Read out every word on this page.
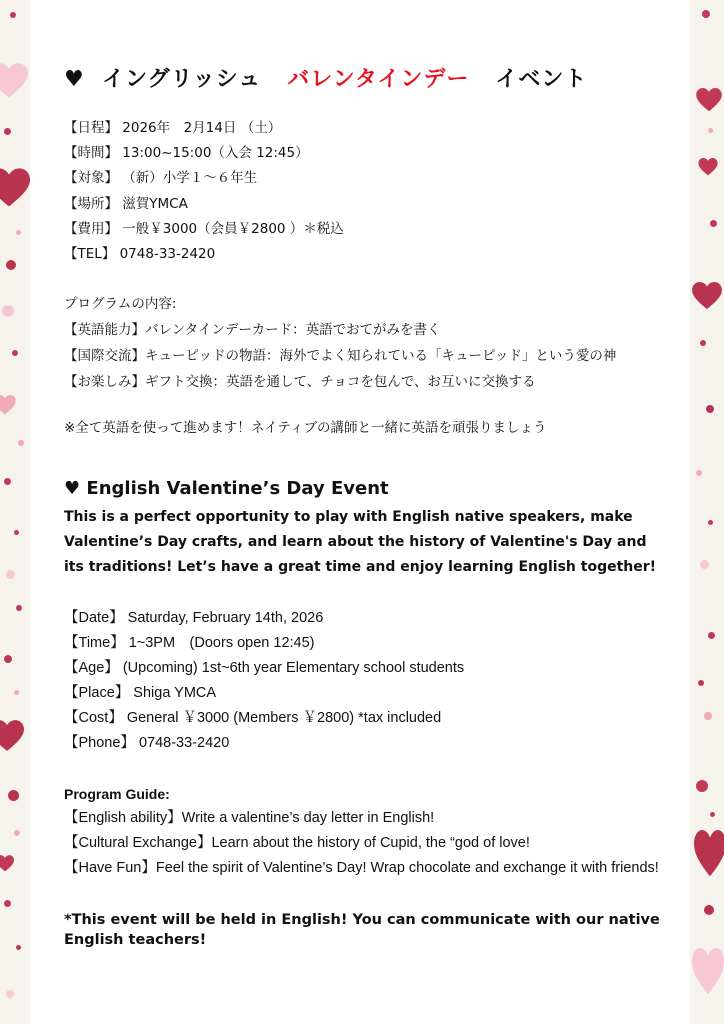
♥ イングリッシュ バレンタインデー イベント
【日程】 2026年　2月14日 （土）
【時間】 13:00~15:00（入会 12:45）
【対象】 （新）小学１～６年生
【場所】 滋賀YMCA
【費用】 一般￥3000（会員￥2800 ）＊税込
【TEL】 0748-33-2420
プログラムの内容:
【英語能力】バレンタインデーカード：英語でおてがみを書く
【国際交流】キューピッドの物語：海外でよく知られている「キューピッド」という愛の神
【お楽しみ】ギフト交換：英語を通して、チョコを包んで、お互いに交換する
※全て英語を使って進めます！ネイティブの講師と一緒に英語を頑張りましょう
♥ English Valentine’s Day Event
This is a perfect opportunity to play with English native speakers, make Valentine’s Day crafts, and learn about the history of Valentine's Day and its traditions! Let’s have a great time and enjoy learning English together!
【Date】 Saturday, February 14th, 2026
【Time】 1~3PM　(Doors open 12:45)
【Age】 (Upcoming) 1st~6th year Elementary school students
【Place】 Shiga YMCA
【Cost】 General ￥3000 (Members ￥2800) *tax included
【Phone】 0748-33-2420
Program Guide:
【English ability】Write a valentine’s day letter in English!
【Cultural Exchange】Learn about the history of Cupid, the “god of love!
【Have Fun】Feel the spirit of Valentine’s Day! Wrap chocolate and exchange it with friends!
*This event will be held in English! You can communicate with our native English teachers!
